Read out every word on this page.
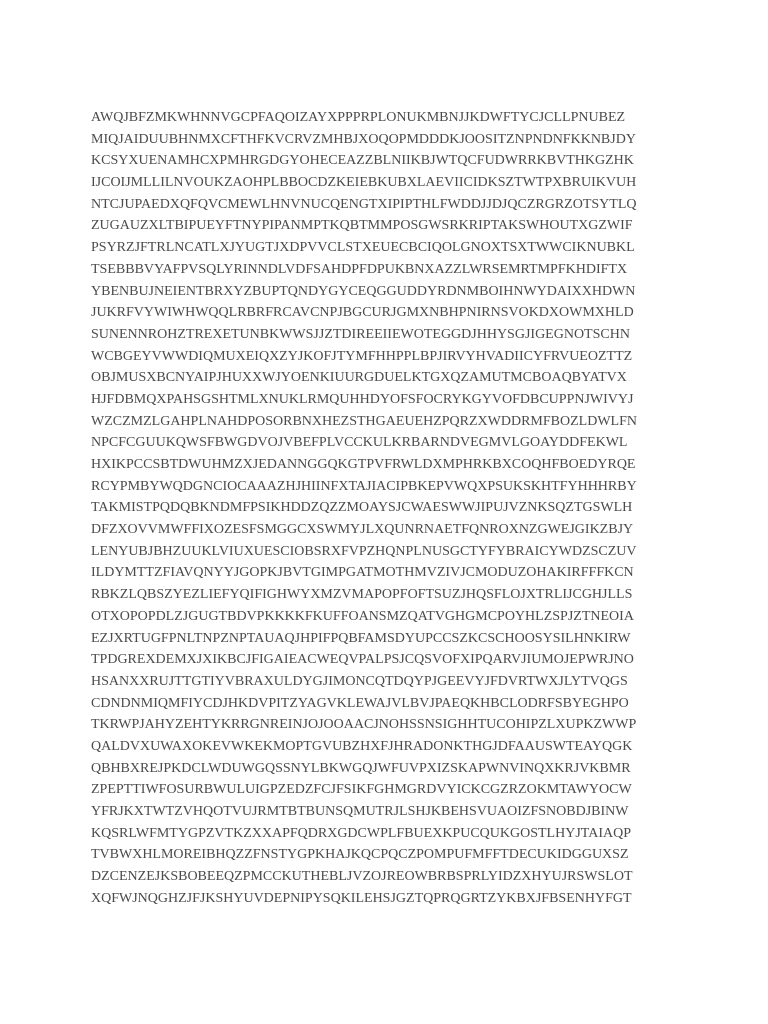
AWQJBFZMKWHNNVGCPFAQOIZAYXPPPRPLONUKMBNJJKDWFTYCJCLLPNUBEZ
MIQJAIDUUBHNMXCFTHFKVCRVZMHBJXOQOPMDDDKJOOSITZNPNDNFKKNBJDY
KCSYXUENAMHCXPMHRGDGYOHECEAZZBLNIIKBJWTQCFUDWRRKBVTHKGZHK
IJCOIJMLLILNVOUKZAOHPLBBOCDZKEIEBKUBXLAEVIICIDKSZTWTPXBRUIKVUH
NTCJUPAEDXQFQVCMEWLHNVNUCQENGTXIPIPTHLFWDDJJDJQCZRGRZOTSYTLQ
ZUGAUZXLTBIPUEYFTNYPIPANMPTKQBTMMPOSGWSRKRIPTAKSWHOUTXGZWIF
PSYRZJFTRLNCATLXJYUGTJXDPVVCLSTXEUECBCIQOLGNOXTSXTWWCIKNUBKL
TSEBBBVYAFPVSQLYRINNDLVDFSAHDPFDPUKBNXAZZLWRSEMRTMPFKHDIFTX
YBENBUJNEIENTBRXYZBUPTQNDYGYCEQGGUDDYRDNMBOIHNWYDAIXXHDWN
JUKRFVYWIWHWQQLRBRFRCAVCNPJBGCURJGMXNBHPNIRNSVOKDXOWMXHLD
SUNENNROHZTREXETUNBKWWSJJZTDIREEIIEWOTEGGDJHHYSGJIGEGNOTSCHN
WCBGEYVWWDIQMUXEIQXZYJKOFJTYMFHHPPLBPJIRVYHVADIICYFRVUEOZTTZ
OBJMUSXBCNYAIPJHUXXWJYOENKIUURGDUELKTGXQZAMUTMCBOAQBYATVX
HJFDBMQXPAHSGSHTMLXNUKLRMQUHHDYOFSFOCRYKGYVOFDBCUPPNJWIVYJ
WZCZMZLGAHPLNAHDPOSORBNXHEZSTHGAEUEHZPQRZXWDDRMFBOZLDWLFN
NPCFCGUUKQWSFBWGDVOJVBEFPLVCCKULKRBARNDVEGMVLGOAYDDFEKWL
HXIKPCCSBTDWUHMZXJEDANNGGQKGTPVFRWLDXMPHRKBXCOQHFBOEDYRQE
RCYPMBYWQDGNCIOCAAAZHJHIINFXTAJIACIPBKEPVWQXPSUKSKHTFYHHHRBY
TAKMISTPQDQBKNDMFPSIKHDDZQZZMOAYSJCWAESWWJIPUJVZNKSQZTGSWLH
DFZXOVVMWFFIXOZESFSMGGCXSWMYJLXQUNRNAETFQNROXNZGWEJGIKZBJY
LENYUBJBHZUUKLVIUXUESCIOBSRXFVPZHQNPLNUSGCTYFYBRAICYWDZSCZUV
ILDYMTTZFIAVQNYYJGOPKJBVTGIMPGATMOTHMVZIVJCMODUZOHAKIRFFFKCN
RBKZLQBSZYEZLIEFYQIFIGHWYXMZVMAPOPFOFTSUZJHQSFLOJXTRLIJCGHJLLS
OTXOPOPDLZJGUGTBDVPKKKKFKUFFOANSMZQATVGHGMCPOYHLZSPJZTNEOIA
EZJXRTUGFPNLTNPZNPTAUAQJHPIFPQBFAMSDYUPCCSZKCSCHOOSYSILHNKIRW
TPDGREXDEMXJXIKBCJFIGAIEACWEQVPALPSJCQSVOFXIPQARVJIUMOJEPWRJNO
HSANXXRUJTTGTIYVBRAXULDYGJIMONCQTDQYPJGEEVYJFDVRTWXJLYTVQGS
CDNDNMIQMFIYCDJHKDVPITZYAGVKLEWAJVLBVJPAEQKHBCLODRFSBYEGHPO
TKRWPJAHYZEHTYKRRGNREINJOJOOAACJNOHSSNSIGHHTUCOHIPZLXUPKZWWP
QALDVXUWAXOKEVWKEKMOPTGVUBZHXFJHRADONKTHGJDFAAUSWTEAYQGK
QBHBXREJPKDCLWDUWGQSSNYLBKWGQJWFUVPXIZSKAPWNVINQXKRJVKBMR
ZPEPTTIWFOSURBWULUIGPZEDZFCJFSIKFGHMGRDVYICKCGZRZOKMTAWYOCW
YFRJKXTWTZVHQOTVUJRMTBTBUNSQMUTRJLSHJKBEHSVUAOIZFSNOBDJBINW
KQSRLWFMTYGPZVTKZXXAPFQDRXGDCWPLFBUEXKPUCQUKGOSTLHYJTAIAQP
TVBWXHLMOREIBHQZZFNSTYGPKHAJKQCPQCZPOMPUFMFFTDECUKIDGGUXSZ
DZCENZEJKSBOBEEQZPMCCKUTHEBLJVZOJREOWBRBSPRLYIDZXHYUJRSWSLOT
XQFWJNQGHZJFJKSHYUVDEPNIPYSQKILEHSJGZTQPRQGRTZYKBXJFBSENHYFGT
